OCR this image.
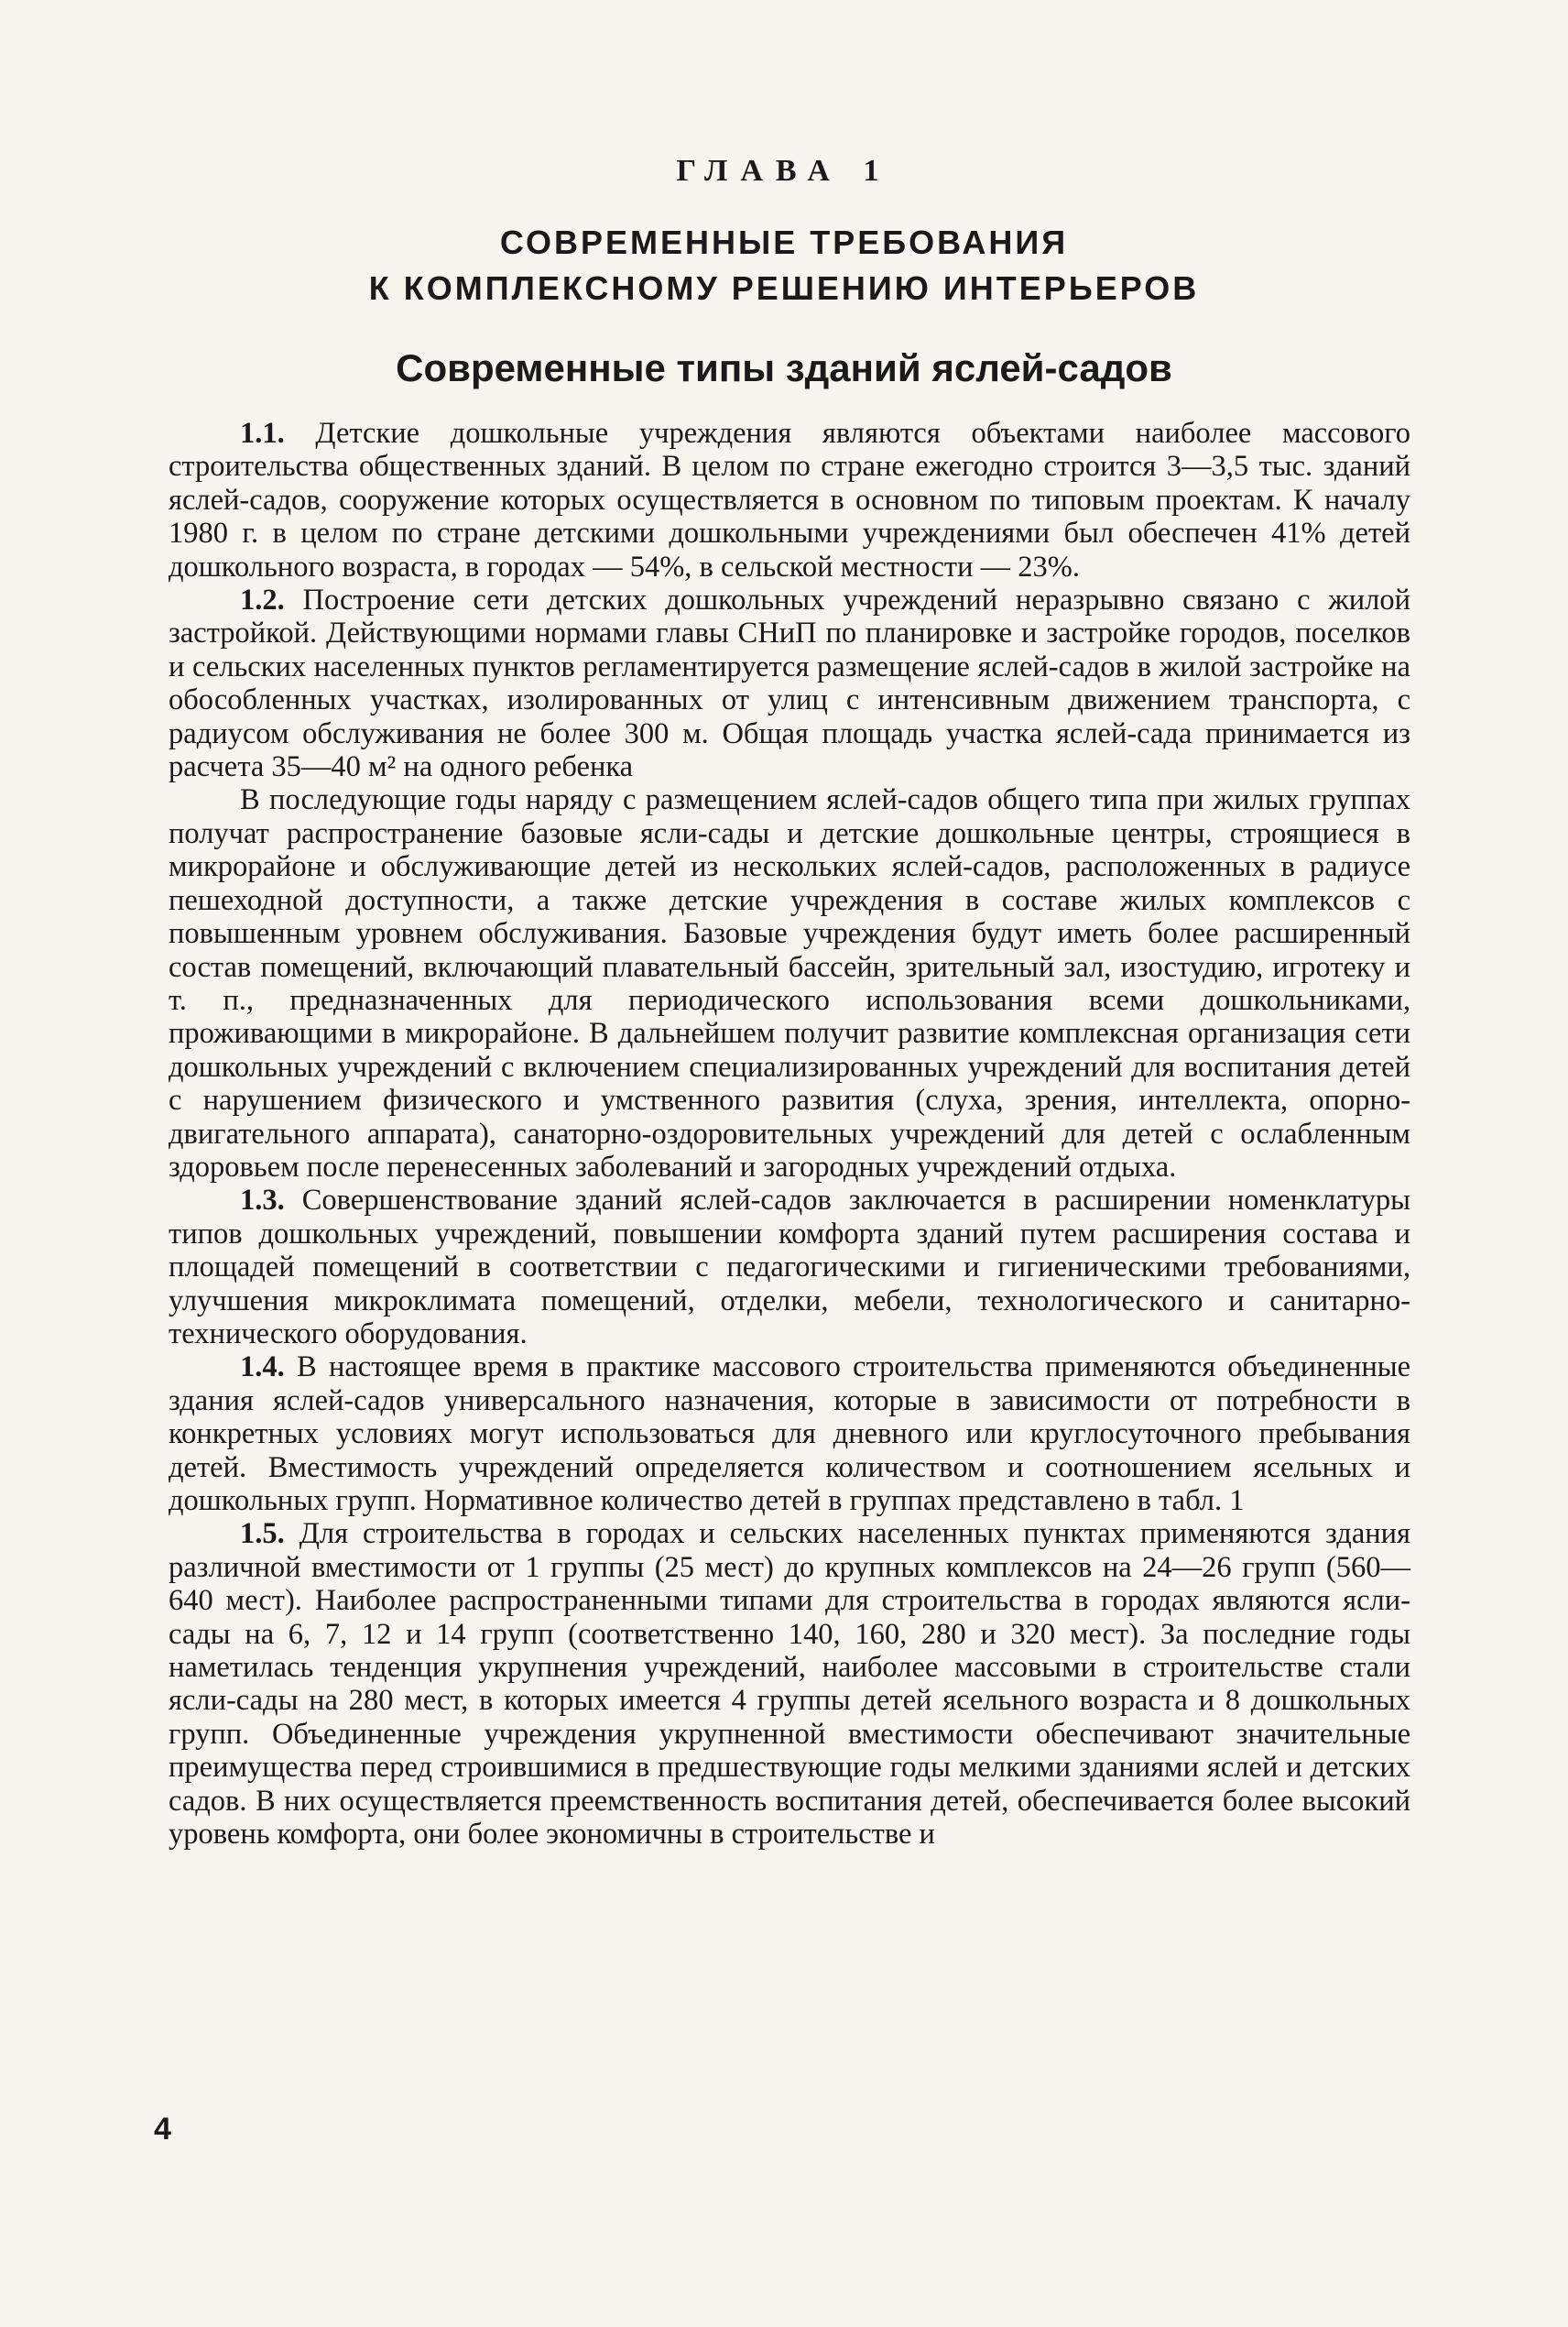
ГЛАВА 1
СОВРЕМЕННЫЕ ТРЕБОВАНИЯ
К КОМПЛЕКСНОМУ РЕШЕНИЮ ИНТЕРЬЕРОВ
Современные типы зданий яслей-садов

1.1. Детские дошкольные учреждения являются объектами наиболее массового строительства общественных зданий. В целом по стране ежегодно строится 3—3,5 тыс. зданий яслей-садов, сооружение которых осуществляется в основном по типовым проектам. К началу 1980 г. в целом по стране детскими дошкольными учреждениями был обеспечен 41% детей дошкольного возраста, в городах — 54%, в сельской местности — 23%.

1.2. Построение сети детских дошкольных учреждений неразрывно связано с жилой застройкой. Действующими нормами главы СНиП по планировке и застройке городов, поселков и сельских населенных пунктов регламентируется размещение яслей-садов в жилой застройке на обособленных участках, изолированных от улиц с интенсивным движением транспорта, с радиусом обслуживания не более 300 м. Общая площадь участка яслей-сада принимается из расчета 35—40 м² на одного ребенка

В последующие годы наряду с размещением яслей-садов общего типа при жилых группах получат распространение базовые ясли-сады и детские дошкольные центры, строящиеся в микрорайоне и обслуживающие детей из нескольких яслей-садов, расположенных в радиусе пешеходной доступности, а также детские учреждения в составе жилых комплексов с повышенным уровнем обслуживания. Базовые учреждения будут иметь более расширенный состав помещений, включающий плавательный бассейн, зрительный зал, изостудию, игротеку и т. п., предназначенных для периодического использования всеми дошкольниками, проживающими в микрорайоне. В дальнейшем получит развитие комплексная организация сети дошкольных учреждений с включением специализированных учреждений для воспитания детей с нарушением физического и умственного развития (слуха, зрения, интеллекта, опорно-двигательного аппарата), санаторно-оздоровительных учреждений для детей с ослабленным здоровьем после перенесенных заболеваний и загородных учреждений отдыха.

1.3. Совершенствование зданий яслей-садов заключается в расширении номенклатуры типов дошкольных учреждений, повышении комфорта зданий путем расширения состава и площадей помещений в соответствии с педагогическими и гигиеническими требованиями, улучшения микроклимата помещений, отделки, мебели, технологического и санитарно-технического оборудования.

1.4. В настоящее время в практике массового строительства применяются объединенные здания яслей-садов универсального назначения, которые в зависимости от потребности в конкретных условиях могут использоваться для дневного или круглосуточного пребывания детей. Вместимость учреждений определяется количеством и соотношением ясельных и дошкольных групп. Нормативное количество детей в группах представлено в табл. 1

1.5. Для строительства в городах и сельских населенных пунктах применяются здания различной вместимости от 1 группы (25 мест) до крупных комплексов на 24—26 групп (560—640 мест). Наиболее распространенными типами для строительства в городах являются ясли-сады на 6, 7, 12 и 14 групп (соответственно 140, 160, 280 и 320 мест). За последние годы наметилась тенденция укрупнения учреждений, наиболее массовыми в строительстве стали ясли-сады на 280 мест, в которых имеется 4 группы детей ясельного возраста и 8 дошкольных групп. Объединенные учреждения укрупненной вместимости обеспечивают значительные преимущества перед строившимися в предшествующие годы мелкими зданиями яслей и детских садов. В них осуществляется преемственность воспитания детей, обеспечивается более высокий уровень комфорта, они более экономичны в строительстве и

4
